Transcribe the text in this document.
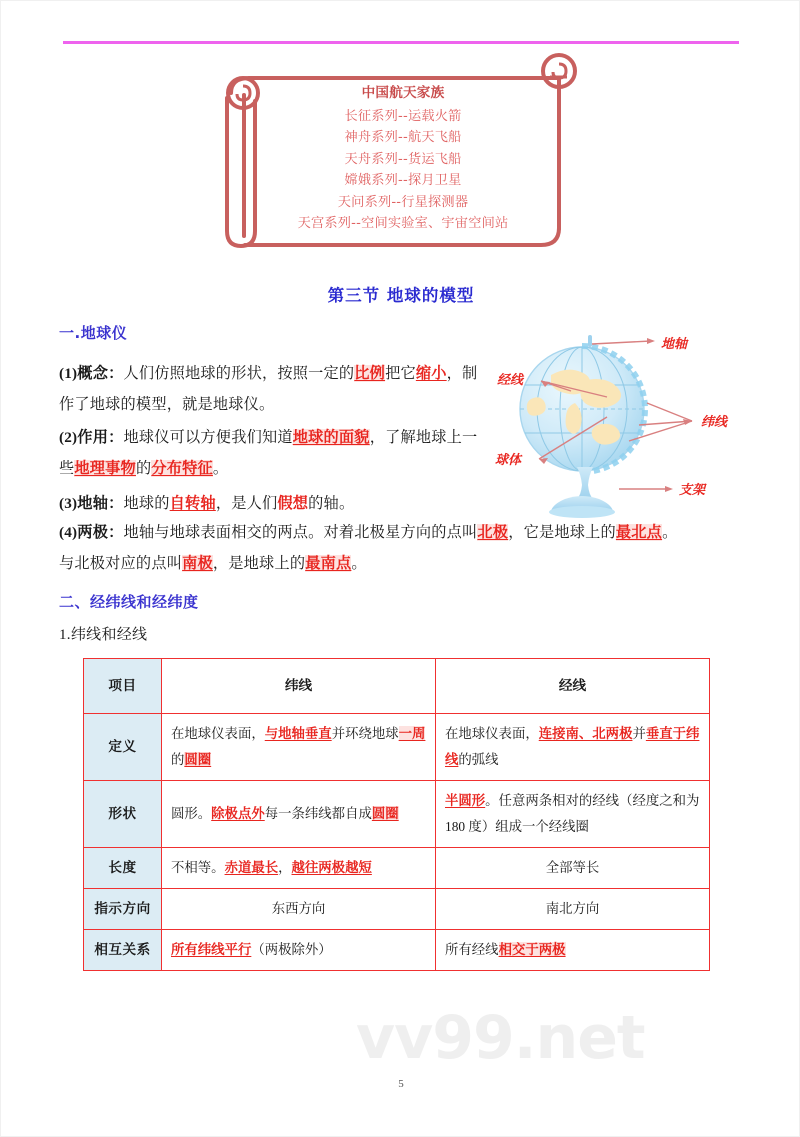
中国航天家族
长征系列--运载火箭
神舟系列--航天飞船
天舟系列--货运飞船
嫦娥系列--探月卫星
天问系列--行星探测器
天宫系列--空间实验室、宇宙空间站
第三节 地球的模型
一.地球仪
(1)概念：人们仿照地球的形状，按照一定的比例把它缩小，制作了地球的模型，就是地球仪。
(2)作用：地球仪可以方便我们知道地球的面貌，了解地球上一些地理事物的分布特征。
(3)地轴：地球的自转轴，是人们假想的轴。
(4)两极：地轴与地球表面相交的两点。对着北极星方向的点叫北极，它是地球上的最北点。与北极对应的点叫南极，是地球上的最南点。
地轴
经线
纬线
球体
支架
二、经纬线和经纬度
1.纬线和经线
项目	纬线	经线
定义	在地球仪表面，与地轴垂直并环绕地球一周的圆圈	在地球仪表面，连接南、北两极并垂直于纬线的弧线
形状	圆形。除极点外每一条纬线都自成圆圈	半圆形。任意两条相对的经线（经度之和为 180 度）组成一个经线圈
长度	不相等。赤道最长，越往两极越短	全部等长
指示方向	东西方向	南北方向
相互关系	所有纬线平行（两极除外）	所有经线相交于两极
vv99.net
5
